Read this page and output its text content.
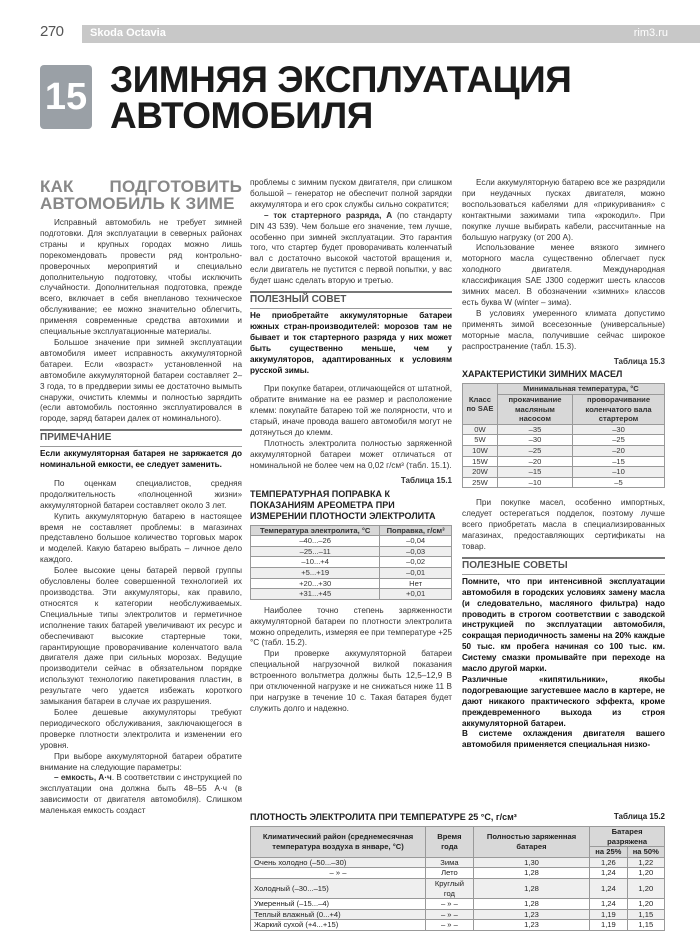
270	Skoda Octavia	rim3.ru
15 ЗИМНЯЯ ЭКСПЛУАТАЦИЯ
АВТОМОБИЛЯ
КАК ПОДГОТОВИТЬ АВТОМОБИЛЬ К ЗИМЕ

Исправный автомобиль не требует зимней подготовки. Для эксплуатации в северных районах страны и крупных городах можно лишь порекомендовать провести ряд контрольно-проверочных мероприятий и специально дополнительную подготовку, чтобы исключить случайности. Дополнительная подготовка, прежде всего, включает в себя внепланово техническое обслуживание; ее можно значительно облегчить, применяя современные средства автохимии и специальные эксплуатационные материалы.

Большое значение при зимней эксплуатации автомобиля имеет исправность аккумуляторной батареи. Если «возраст» установленной на автомобиле аккумуляторной батареи составляет 2–3 года, то в преддверии зимы ее достаточно вымыть снаружи, очистить клеммы и полностью зарядить (если автомобиль постоянно эксплуатировался в городе, заряд батареи далек от номинального).

ПРИМЕЧАНИЕ

Если аккумуляторная батарея не заряжается до номинальной емкости, ее следует заменить.

По оценкам специалистов, средняя продолжительность «полноценной жизни» аккумуляторной батареи составляет около 3 лет.

Купить аккумуляторную батарею в настоящее время не составляет проблемы: в магазинах представлено большое количество торговых марок и моделей. Какую батарею выбрать – личное дело каждого.

Более высокие цены батарей первой группы обусловлены более совершенной технологией их производства. Эти аккумуляторы, как правило, относятся к категории необслуживаемых. Специальные типы электролитов и герметичное исполнение таких батарей увеличивают их ресурс и обеспечивают высокие стартерные токи, гарантирующие проворачивание коленчатого вала двигателя даже при сильных морозах. Ведущие производители сейчас в обязательном порядке используют технологию пакетирования пластин, в результате чего удается избежать короткого замыкания батареи в случае их разрушения.

Более дешевые аккумуляторы требуют периодического обслуживания, заключающегося в проверке плотности электролита и изменении его уровня.

При выборе аккумуляторной батареи обратите внимание на следующие параметры:

– емкость, А·ч. В соответствии с инструкцией по эксплуатации она должна быть 48–55 А·ч (в зависимости от двигателя автомобиля). Слишком маленькая емкость создаст

проблемы с зимним пуском двигателя, при слишком большой – генератор не обеспечит полной зарядки аккумулятора и его срок службы сильно сократится;

– ток стартерного разряда, А (по стандарту DIN 43 539). Чем больше его значение, тем лучше, особенно при зимней эксплуатации. Это гарантия того, что стартер будет проворачивать коленчатый вал с достаточно высокой частотой вращения и, если двигатель не пустится с первой попытки, у вас будет шанс сделать вторую и третью.

ПОЛЕЗНЫЙ СОВЕТ

Не приобретайте аккумуляторные батареи южных стран-производителей: морозов там не бывает и ток стартерного разряда у них может быть существенно меньше, чем у аккумуляторов, адаптированных к условиям русской зимы.

При покупке батареи, отличающейся от штатной, обратите внимание на ее размер и расположение клемм: покупайте батарею той же полярности, что и старый, иначе провода вашего автомобиля могут не дотянуться до клемм.

Плотность электролита полностью заряженной аккумуляторной батареи может отличаться от номинальной не более чем на 0,02 г/см³ (табл. 15.1).

Таблица 15.1
ТЕМПЕРАТУРНАЯ ПОПРАВКА К ПОКАЗАНИЯМ АРЕОМЕТРА ПРИ ИЗМЕРЕНИИ ПЛОТНОСТИ ЭЛЕКТРОЛИТА
Температура электролита, °С	Поправка, г/см³
–40...–26	–0,04
–25...–11	–0,03
–10...+4	–0,02
+5...+19	–0,01
+20...+30	Нет
+31...+45	+0,01

Наиболее точно степень заряженности аккумуляторной батареи по плотности электролита можно определить, измеряя ее при температуре +25 °С (табл. 15.2).

При проверке аккумуляторной батареи специальной нагрузочной вилкой показания встроенного вольтметра должны быть 12,5–12,9 В при отключенной нагрузке и не снижаться ниже 11 В при нагрузке в течение 10 с. Такая батарея будет служить долго и надежно.

Если аккумуляторную батарею все же разрядили при неудачных пусках двигателя, можно воспользоваться кабелями для «прикуривания» с контактными зажимами типа «крокодил». При покупке лучше выбирать кабели, рассчитанные на большую нагрузку (от 200 А).

Использование менее вязкого зимнего моторного масла существенно облегчает пуск холодного двигателя. Международная классификация SAE J300 содержит шесть классов зимних масел. В обозначении «зимних» классов есть буква W (winter – зима).

В условиях умеренного климата допустимо применять зимой всесезонные (универсальные) моторные масла, получившие сейчас широкое распространение (табл. 15.3).

Таблица 15.3
ХАРАКТЕРИСТИКИ ЗИМНИХ МАСЕЛ
Класс по SAE	Минимальная температура, °С	
	прокачивание масляным насосом	проворачивание коленчатого вала стартером
0W	–35	–30
5W	–30	–25
10W	–25	–20
15W	–20	–15
20W	–15	–10
25W	–10	–5

При покупке масел, особенно импортных, следует остерегаться подделок, поэтому лучше всего приобретать масла в специализированных магазинах, предоставляющих сертификаты на товар.

ПОЛЕЗНЫЕ СОВЕТЫ

Помните, что при интенсивной эксплуатации автомобиля в городских условиях замену масла (и следовательно, масляного фильтра) надо проводить в строгом соответствии с заводской инструкцией по эксплуатации автомобиля, сокращая периодичность замены на 20% каждые 50 тыс. км пробега начиная со 100 тыс. км. Систему смазки промывайте при переходе на масло другой марки.

Различные «кипятильники», якобы подогревающие загустевшее масло в картере, не дают никакого практического эффекта, кроме преждевременного выхода из строя аккумуляторной батареи.

В системе охлаждения двигателя вашего автомобиля применяется специальная низко-

ПЛОТНОСТЬ ЭЛЕКТРОЛИТА ПРИ ТЕМПЕРАТУРЕ 25 °С, г/см³	Таблица 15.2
Климатический район (среднемесячная температура воздуха в январе, °С)	Время года	Полностью заряженная батарея	Батарея разряжена	
			на 25%	на 50%
Очень холодно (–50...–30)	Зима	1,30	1,26	1,22
– » –	Лето	1,28	1,24	1,20
Холодный (–30...–15)	Круглый год	1,28	1,24	1,20
Умеренный (–15...–4)	– » –	1,28	1,24	1,20
Теплый влажный (0...+4)	– » –	1,23	1,19	1,15
Жаркий сухой (+4...+15)	– » –	1,23	1,19	1,15
